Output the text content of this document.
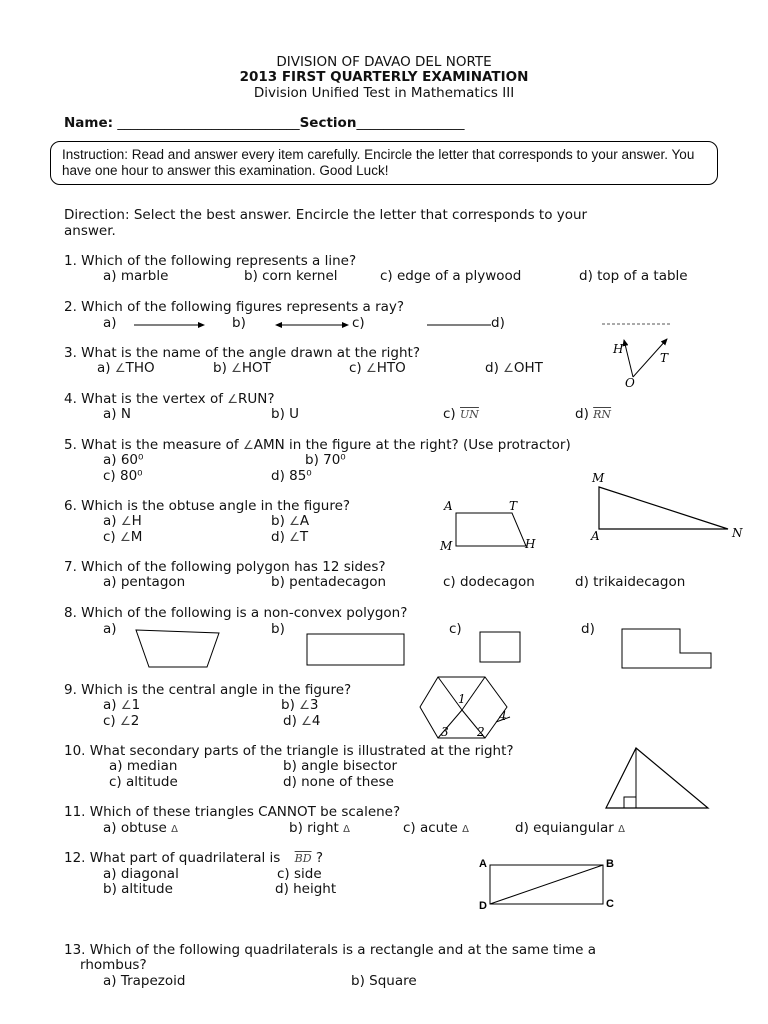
DIVISION OF DAVAO DEL NORTE
2013 FIRST QUARTERLY EXAMINATION
Division Unified Test in Mathematics III
Name: ___________________________Section________________
Instruction: Read and answer every item carefully. Encircle the letter that corresponds to your answer. You have one hour to answer this examination. Good Luck!
Direction: Select the best answer. Encircle the letter that corresponds to your
answer.
1. Which of the following represents a line?
a) marble	b) corn kernel	c) edge of a plywood	d) top of a table
2. Which of the following figures represents a ray?
a)	b)	c)	d)
3. What is the name of the angle drawn at the right?
a) ∠THO	b) ∠HOT	c) ∠HTO	d) ∠OHT
H
T
O
4. What is the vertex of ∠RUN?
a) N	b) U	c) $\overline{UN}$	d) $\overline{RN}$
5. What is the measure of ∠AMN in the figure at the right? (Use protractor)
a) 60⁰	b) 70⁰
c) 80⁰	d) 85⁰	M
A	N
6. Which is the obtuse angle in the figure?
a) ∠H	b) ∠A
c) ∠M	d) ∠T
A	T
M	H
7. Which of the following polygon has 12 sides?
a) pentagon	b) pentadecagon	c) dodecagon	d) trikaidecagon
8. Which of the following is a non-convex polygon?
a)	b)	c)	d)
9. Which is the central angle in the figure?
a) ∠1	b) ∠3
c) ∠2	d) ∠4
1
3 2
4
10. What secondary parts of the triangle is illustrated at the right?
a) median	b) angle bisector
c) altitude	d) none of these
11. Which of these triangles CANNOT be scalene?
a) obtuse Δ	b) right Δ	c) acute Δ	d) equiangular Δ
12. What part of quadrilateral is $\overline{BD}$ ?
a) diagonal	c) side
b) altitude	d) height
A	B
C
D
13. Which of the following quadrilaterals is a rectangle and at the same time a
rhombus?
a) Trapezoid	b) Square
